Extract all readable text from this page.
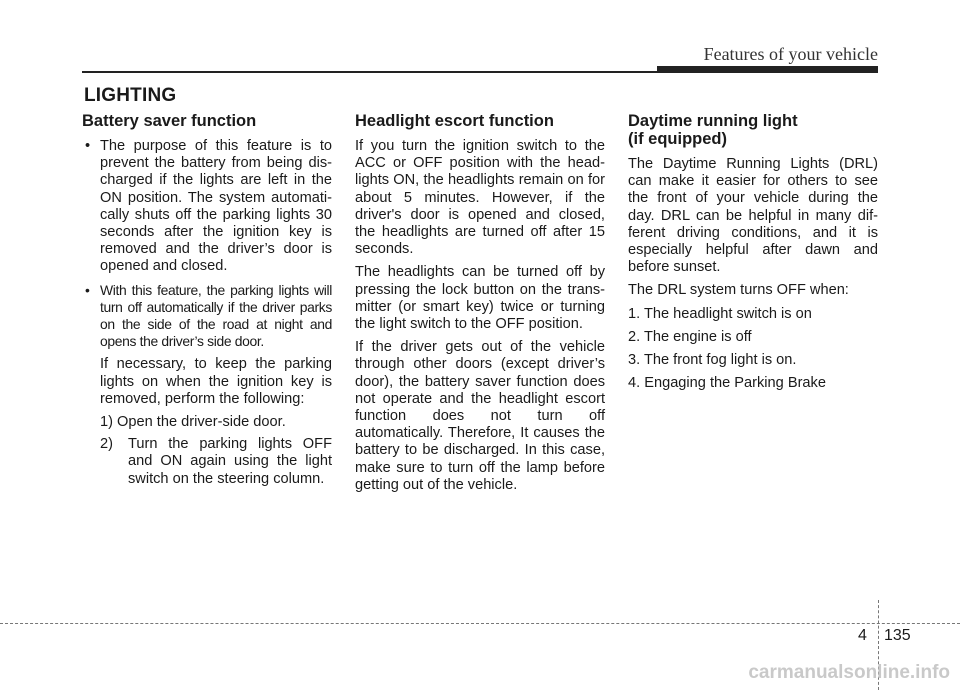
Features of your vehicle
LIGHTING
Battery saver function
• The purpose of this feature is to prevent the battery from being dis-charged if the lights are left in the ON position. The system automati-cally shuts off the parking lights 30 seconds after the ignition key is removed and the driver’s door is opened and closed.
• With this feature, the parking lights will turn off automatically if the driver parks on the side of the road at night and opens the driver’s side door.

If necessary, to keep the parking lights on when the ignition key is removed, perform the following:

1) Open the driver-side door.
2) Turn the parking lights OFF and ON again using the light switch on the steering column.
Headlight escort function

If you turn the ignition switch to the ACC or OFF position with the head-lights ON, the headlights remain on for about 5 minutes. However, if the driver's door is opened and closed, the headlights are turned off after 15 seconds.

The headlights can be turned off by pressing the lock button on the trans-mitter (or smart key) twice or turning the light switch to the OFF position.

If the driver gets out of the vehicle through other doors (except driver’s door), the battery saver function does not operate and the headlight escort function does not turn off automatically. Therefore, It causes the battery to be discharged. In this case, make sure to turn off the lamp before getting out of the vehicle.

Daytime running light
(if equipped)

The Daytime Running Lights (DRL) can make it easier for others to see the front of your vehicle during the day. DRL can be helpful in many dif-ferent driving conditions, and it is especially helpful after dawn and before sunset.

The DRL system turns OFF when:
1. The headlight switch is on
2. The engine is off
3. The front fog light is on.
4. Engaging the Parking Brake
4 135
carmanualsonline.info
